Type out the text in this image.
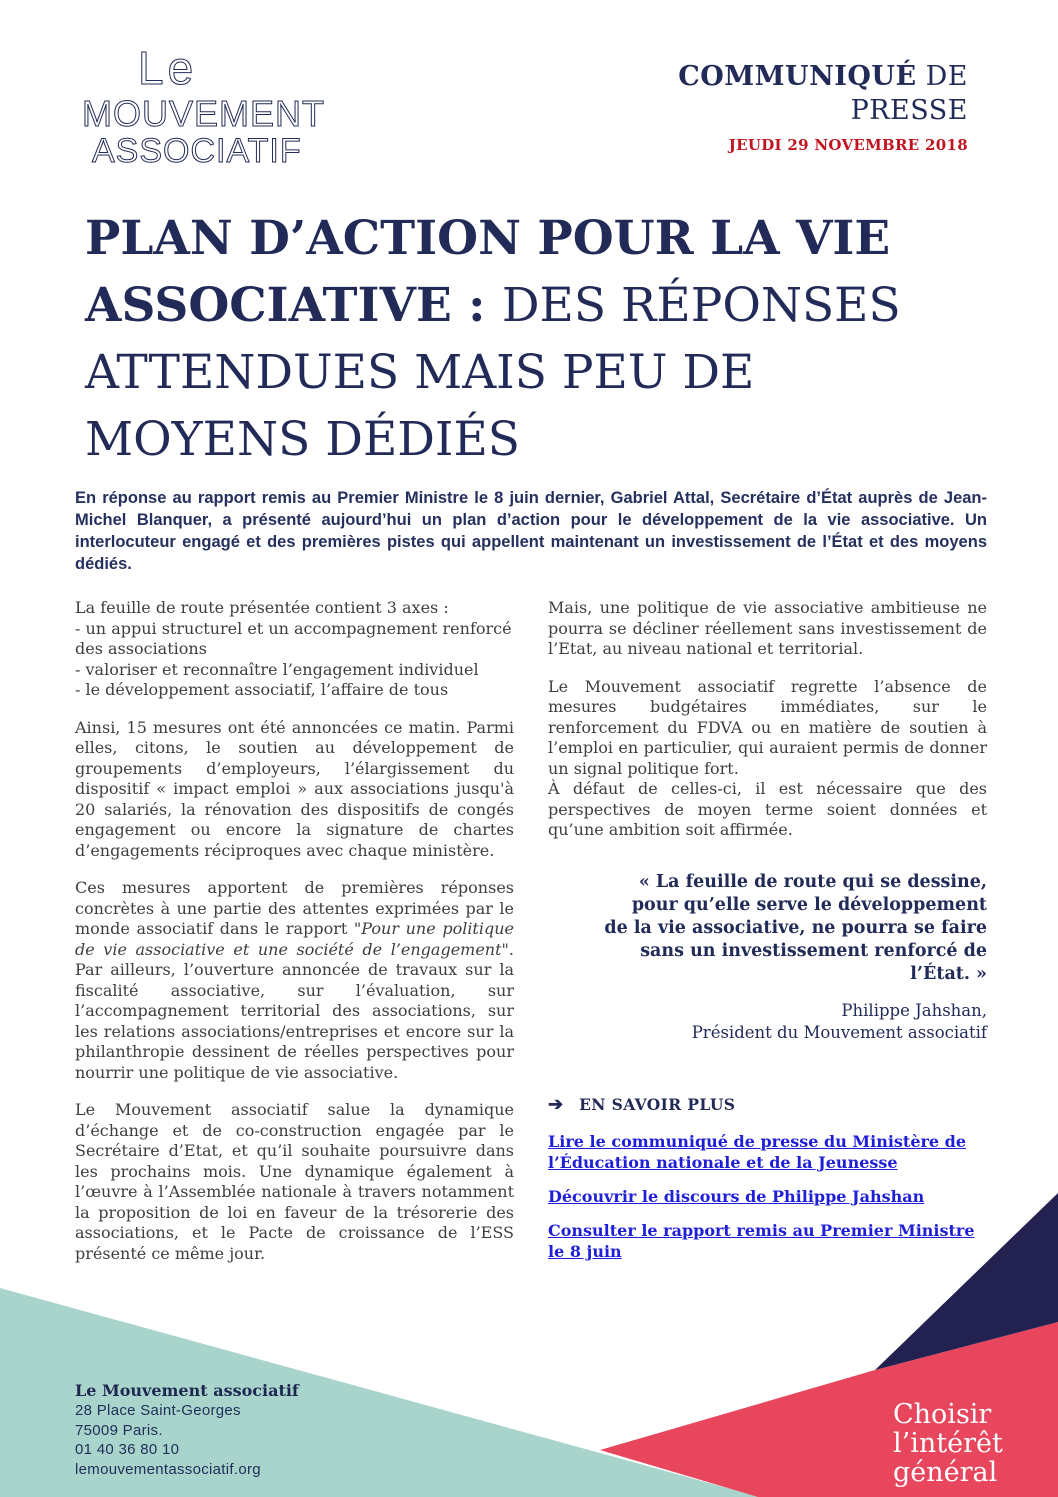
Le
MOUVEMENT
ASSOCIATIF
COMMUNIQUÉ DE
PRESSE
JEUDI 29 NOVEMBRE 2018
PLAN D’ACTION POUR LA VIE
ASSOCIATIVE : DES RÉPONSES
ATTENDUES MAIS PEU DE
MOYENS DÉDIÉS
En réponse au rapport remis au Premier Ministre le 8 juin dernier, Gabriel Attal, Secrétaire d’État auprès de Jean-Michel Blanquer, a présenté aujourd’hui un plan d’action pour le développement de la vie associative. Un interlocuteur engagé et des premières pistes qui appellent maintenant un investissement de l’État et des moyens dédiés.
La feuille de route présentée contient 3 axes :
- un appui structurel et un accompagnement renforcé des associations
- valoriser et reconnaître l’engagement individuel
- le développement associatif, l’affaire de tous

Ainsi, 15 mesures ont été annoncées ce matin. Parmi elles, citons, le soutien au développement de groupements d’employeurs, l’élargissement du dispositif « impact emploi » aux associations jusqu'à 20 salariés, la rénovation des dispositifs de congés engagement ou encore la signature de chartes d’engagements réciproques avec chaque ministère.

Ces mesures apportent de premières réponses concrètes à une partie des attentes exprimées par le monde associatif dans le rapport "Pour une politique de vie associative et une société de l’engagement". Par ailleurs, l’ouverture annoncée de travaux sur la fiscalité associative, sur l’évaluation, sur l’accompagnement territorial des associations, sur les relations associations/entreprises et encore sur la philanthropie dessinent de réelles perspectives pour nourrir une politique de vie associative.

Le Mouvement associatif salue la dynamique d’échange et de co-construction engagée par le Secrétaire d’Etat, et qu’il souhaite poursuivre dans les prochains mois. Une dynamique également à l’œuvre à l’Assemblée nationale à travers notamment la proposition de loi en faveur de la trésorerie des associations, et le Pacte de croissance de l’ESS présenté ce même jour.

Mais, une politique de vie associative ambitieuse ne pourra se décliner réellement sans investissement de l’Etat, au niveau national et territorial.

Le Mouvement associatif regrette l’absence de mesures budgétaires immédiates, sur le renforcement du FDVA ou en matière de soutien à l’emploi en particulier, qui auraient permis de donner un signal politique fort.

À défaut de celles-ci, il est nécessaire que des perspectives de moyen terme soient données et qu’une ambition soit affirmée.

« La feuille de route qui se dessine, pour qu’elle serve le développement de la vie associative, ne pourra se faire sans un investissement renforcé de l’État. »
Philippe Jahshan,
Président du Mouvement associatif
➔ EN SAVOIR PLUS
Lire le communiqué de presse du Ministère de l’Éducation nationale et de la Jeunesse
Découvrir le discours de Philippe Jahshan
Consulter le rapport remis au Premier Ministre le 8 juin
Le Mouvement associatif
28 Place Saint-Georges
75009 Paris.
01 40 36 80 10
lemouvementassociatif.org
Choisir
l’intérêt
général
